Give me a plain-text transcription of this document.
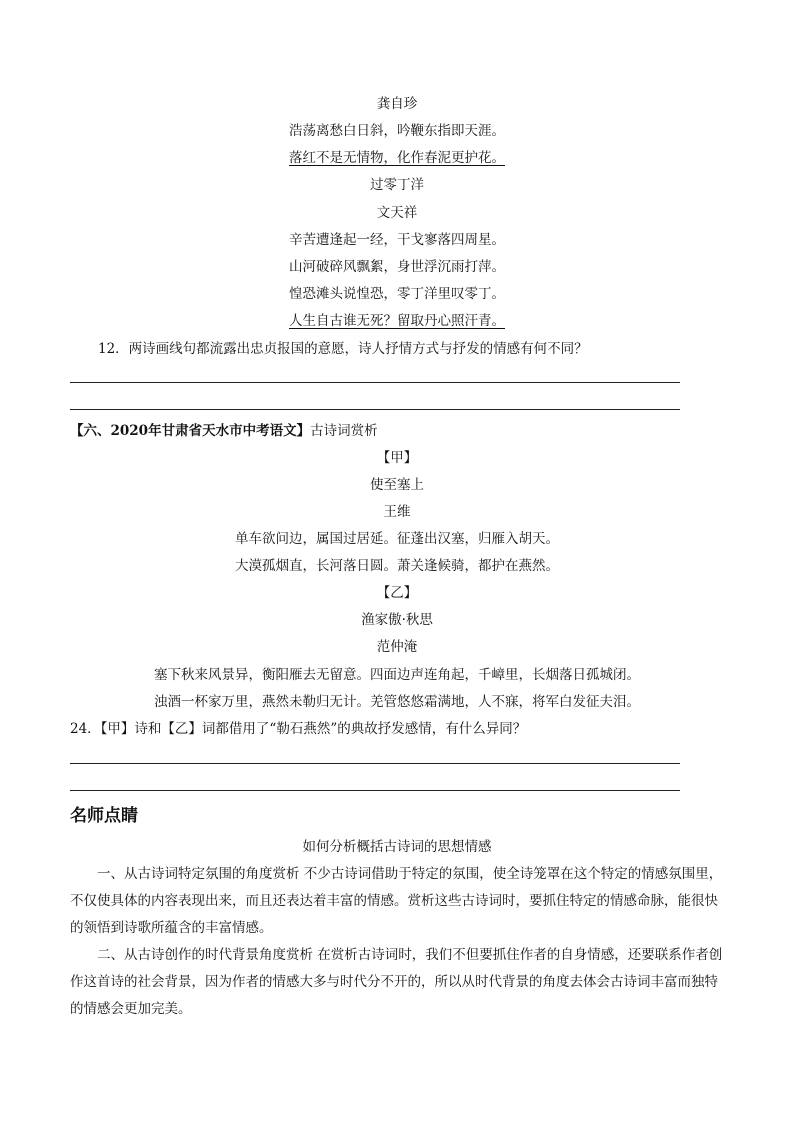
龚自珍
浩荡离愁白日斜，吟鞭东指即天涯。
落红不是无情物，化作春泥更护花。
过零丁洋
文天祥
辛苦遭逢起一经，干戈寥落四周星。
山河破碎风飘絮，身世浮沉雨打萍。
惶恐滩头说惶恐，零丁洋里叹零丁。
人生自古谁无死？留取丹心照汗青。
12．两诗画线句都流露出忠贞报国的意愿，诗人抒情方式与抒发的情感有何不同？
【六、2020年甘肃省天水市中考语文】古诗词赏析
【甲】
使至塞上
王维
单车欲问边，属国过居延。征蓬出汉塞，归雁入胡天。
大漠孤烟直，长河落日圆。萧关逢候骑，都护在燕然。
【乙】
渔家傲·秋思
范仲淹
塞下秋来风景异，衡阳雁去无留意。四面边声连角起，千嶂里，长烟落日孤城闭。
浊酒一杯家万里，燕然未勒归无计。羌管悠悠霜满地，人不寐，将军白发征夫泪。
24．【甲】诗和【乙】词都借用了“勒石燕然”的典故抒发感情，有什么异同？
名师点睛
如何分析概括古诗词的思想情感

一、从古诗词特定氛围的角度赏析 不少古诗词借助于特定的氛围，使全诗笼罩在这个特定的情感氛围里，不仅使具体的内容表现出来，而且还表达着丰富的情感。赏析这些古诗词时，要抓住特定的情感命脉，能很快的领悟到诗歌所蕴含的丰富情感。

二、从古诗创作的时代背景角度赏析 在赏析古诗词时，我们不但要抓住作者的自身情感，还要联系作者创作这首诗的社会背景，因为作者的情感大多与时代分不开的，所以从时代背景的角度去体会古诗词丰富而独特的情感会更加完美。
